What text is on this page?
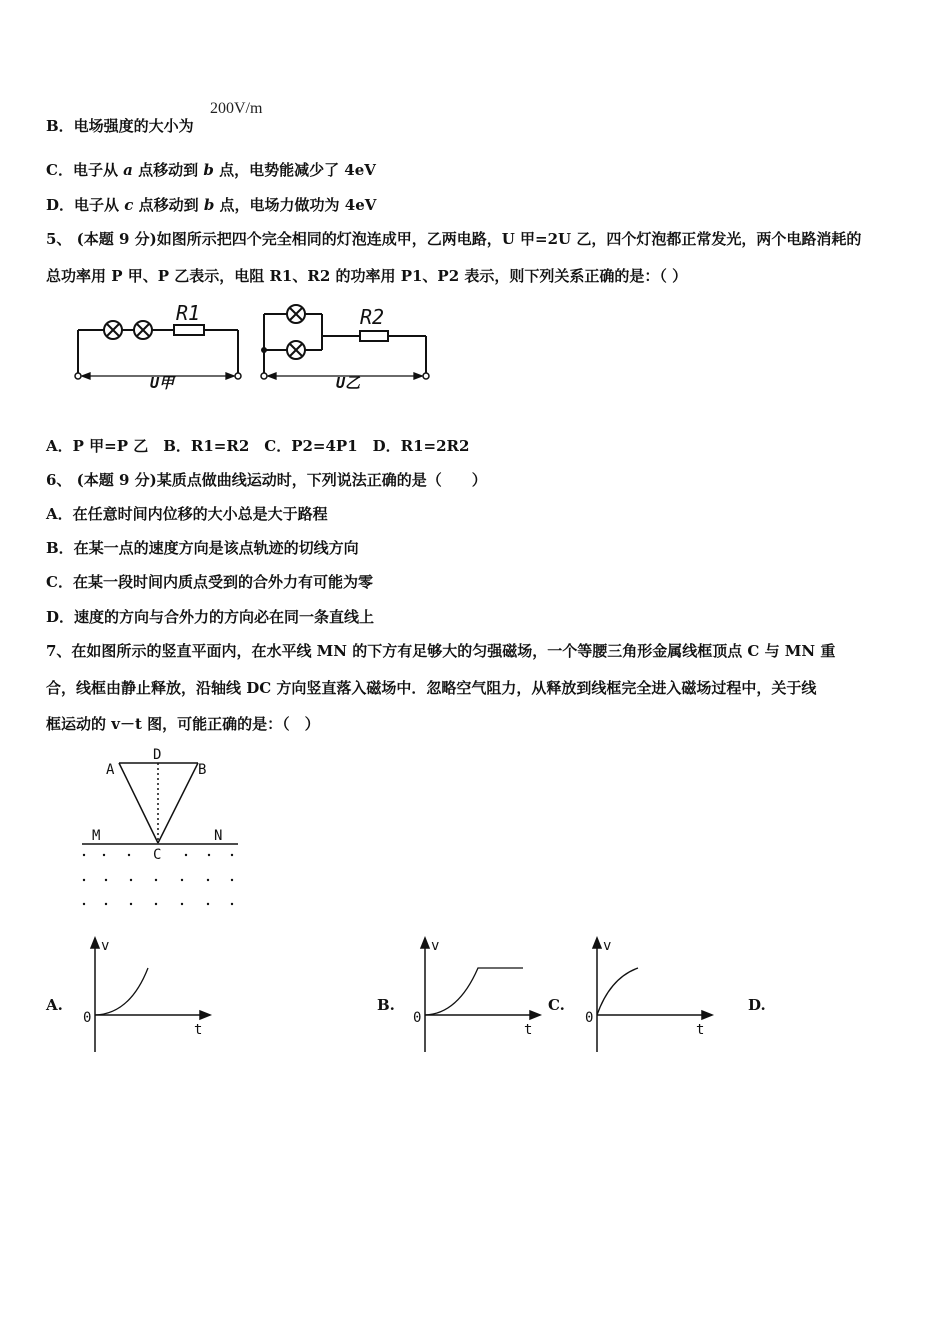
B．电场强度的大小为
200V/m
C．电子从 a 点移动到 b 点，电势能减少了 4eV
D．电子从 c 点移动到 b 点，电场力做功为 4eV
5、 (本题 9 分)如图所示把四个完全相同的灯泡连成甲，乙两电路，U 甲=2U 乙，四个灯泡都正常发光，两个电路消耗的
总功率用 P 甲、P 乙表示，电阻 R1、R2 的功率用 P1、P2 表示，则下列关系正确的是：（ ）
R1	R2
U甲	U乙
A．P 甲=P 乙　B．R1=R2　C．P2=4P1　D．R1=2R2
6、 (本题 9 分)某质点做曲线运动时，下列说法正确的是（　　）
A．在任意时间内位移的大小总是大于路程
B．在某一点的速度方向是该点轨迹的切线方向
C．在某一段时间内质点受到的合外力有可能为零
D．速度的方向与合外力的方向必在同一条直线上
7、在如图所示的竖直平面内，在水平线 MN 的下方有足够大的匀强磁场，一个等腰三角形金属线框顶点 C 与 MN 重
合，线框由静止释放，沿轴线 DC 方向竖直落入磁场中．忽略空气阻力，从释放到线框完全进入磁场过程中，关于线
框运动的 v－t 图，可能正确的是：（　）
A	B
D
C
M	N
A.
v
0
t
B.
v
0
t
C.
v
0
t
D.
